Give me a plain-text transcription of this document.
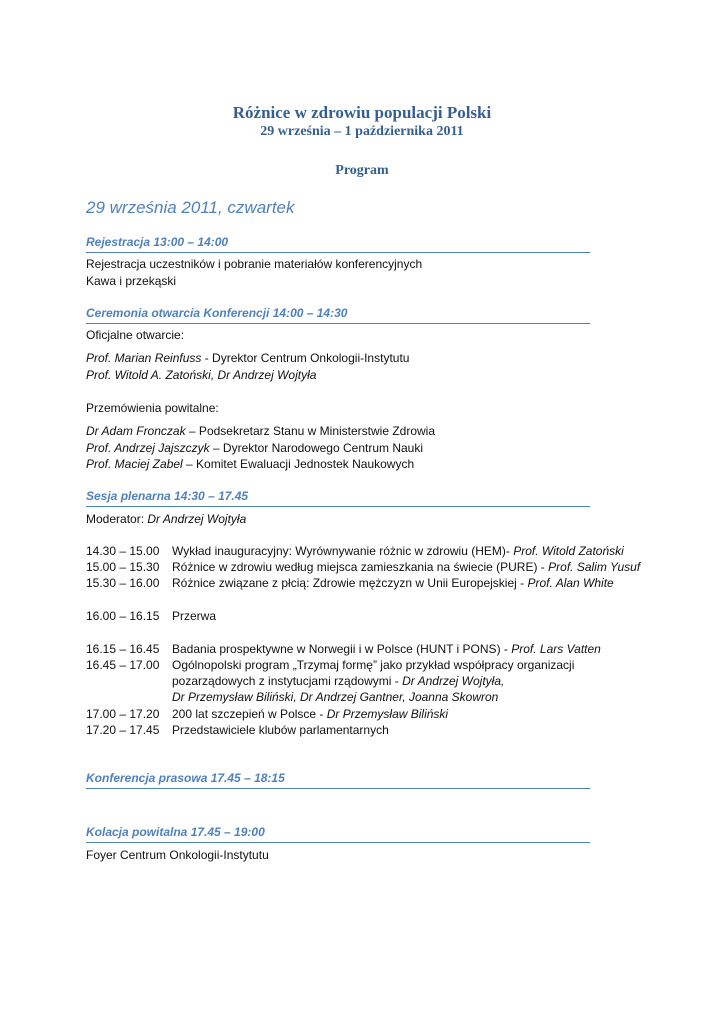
Różnice w zdrowiu populacji Polski
29 września – 1 października 2011
Program
29 września 2011, czwartek
Rejestracja 13:00 – 14:00
Rejestracja uczestników i pobranie materiałów konferencyjnych
Kawa i przekąski
Ceremonia otwarcia Konferencji 14:00 – 14:30
Oficjalne otwarcie:
Prof. Marian Reinfuss - Dyrektor Centrum Onkologii-Instytutu
Prof. Witold A. Zatoński, Dr Andrzej Wojtyła
Przemówienia powitalne:
Dr Adam Fronczak – Podsekretarz Stanu w Ministerstwie Zdrowia
Prof. Andrzej Jajszczyk – Dyrektor Narodowego Centrum Nauki
Prof. Maciej Zabel – Komitet Ewaluacji Jednostek Naukowych
Sesja plenarna 14:30 – 17.45
Moderator: Dr Andrzej Wojtyła
14.30 – 15.00 Wykład inauguracyjny: Wyrównywanie różnic w zdrowiu (HEM)- Prof. Witold Zatoński
15.00 – 15.30 Różnice w zdrowiu według miejsca zamieszkania na świecie (PURE) - Prof. Salim Yusuf
15.30 – 16.00 Różnice związane z płcią: Zdrowie mężczyzn w Unii Europejskiej - Prof. Alan White
16.00 – 16.15 Przerwa
16.15 – 16.45 Badania prospektywne w Norwegii i w Polsce (HUNT i PONS) - Prof. Lars Vatten
16.45 – 17.00 Ogólnopolski program „Trzymaj formę” jako przykład współpracy organizacji
pozarządowych z instytucjami rządowymi - Dr Andrzej Wojtyła,
Dr Przemysław Biliński, Dr Andrzej Gantner, Joanna Skowron
17.00 – 17.20 200 lat szczepień w Polsce - Dr Przemysław Biliński
17.20 – 17.45 Przedstawiciele klubów parlamentarnych
Konferencja prasowa 17.45 – 18:15
Kolacja powitalna 17.45 – 19:00
Foyer Centrum Onkologii-Instytutu
